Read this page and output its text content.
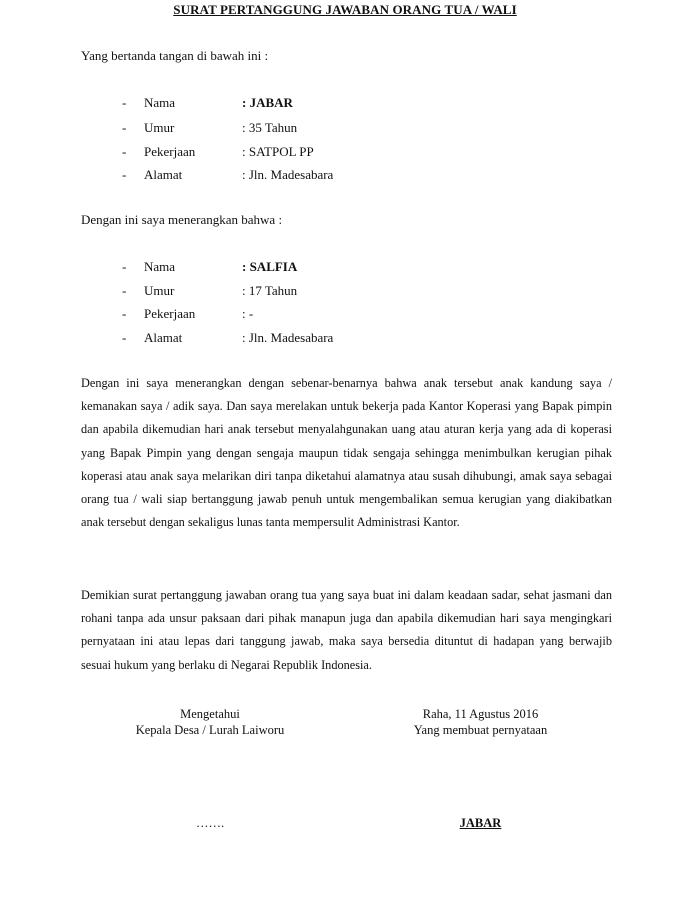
SURAT PERTANGGUNG JAWABAN ORANG TUA / WALI
Yang bertanda tangan di bawah ini :
- Nama	: JABAR
- Umur	: 35 Tahun
- Pekerjaan	: SATPOL PP
- Alamat	: Jln. Madesabara
Dengan ini saya menerangkan bahwa :
- Nama	: SALFIA
- Umur	: 17 Tahun
- Pekerjaan	: -
- Alamat	: Jln. Madesabara
Dengan ini saya menerangkan dengan sebenar-benarnya bahwa anak tersebut anak kandung saya / kemanakan saya / adik saya. Dan saya merelakan untuk bekerja pada Kantor Koperasi yang Bapak pimpin dan apabila dikemudian hari anak tersebut menyalahgunakan uang atau aturan kerja yang ada di koperasi yang Bapak Pimpin yang dengan sengaja maupun tidak sengaja sehingga menimbulkan kerugian pihak koperasi atau anak saya melarikan diri tanpa diketahui alamatnya atau susah dihubungi, amak saya sebagai orang tua / wali siap bertanggung jawab penuh untuk mengembalikan semua kerugian yang diakibatkan anak tersebut dengan sekaligus lunas tanta mempersulit Administrasi Kantor.
Demikian surat pertanggung jawaban orang tua yang saya buat ini dalam keadaan sadar, sehat jasmani dan rohani tanpa ada unsur paksaan dari pihak manapun juga dan apabila dikemudian hari saya mengingkari pernyataan ini atau lepas dari tanggung jawab, maka saya bersedia dituntut di hadapan yang berwajib sesuai hukum yang berlaku di Negarai Republik Indonesia.
Mengetahui
Kepala Desa / Lurah Laiworu
Raha, 11 Agustus 2016
Yang membuat pernyataan
…….	JABAR
